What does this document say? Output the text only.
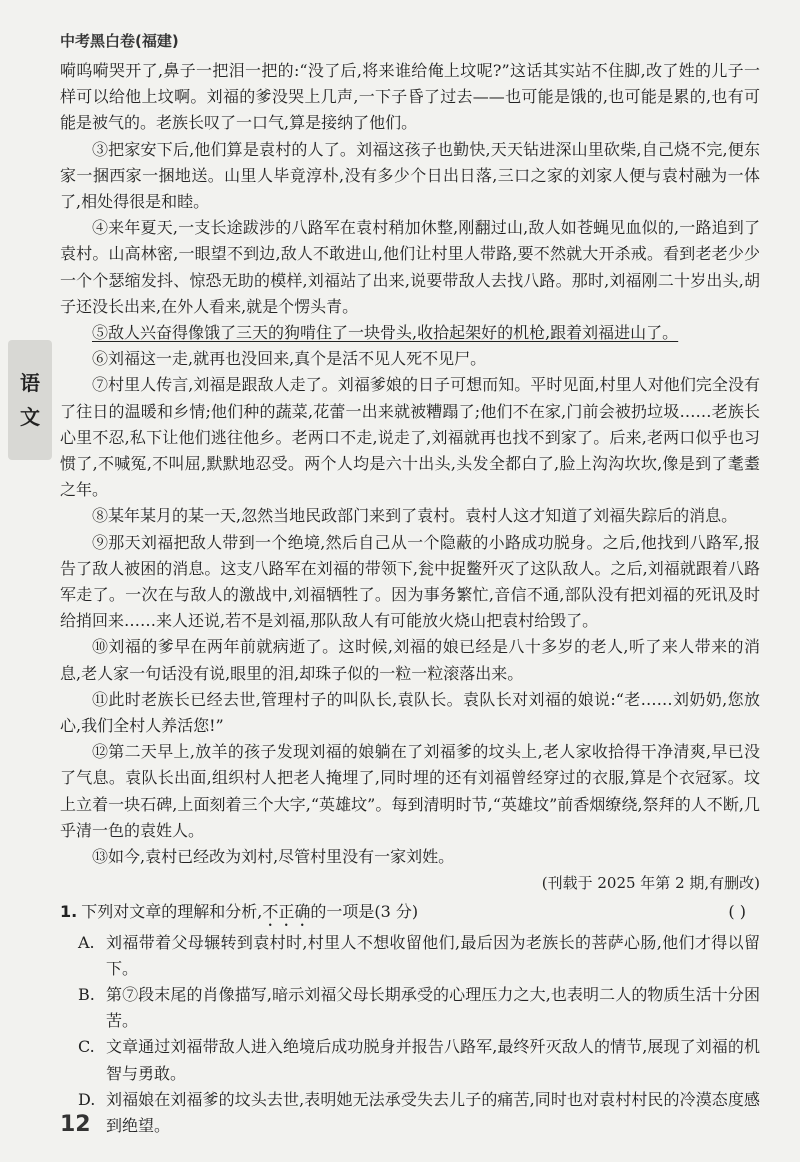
中考黑白卷(福建)
语
文

嗬呜嗬哭开了,鼻子一把泪一把的:“没了后,将来谁给俺上坟呢?”这话其实站不住脚,改了姓的儿子一样可以给他上坟啊。刘福的爹没哭上几声,一下子昏了过去——也可能是饿的,也可能是累的,也有可能是被气的。老族长叹了一口气,算是接纳了他们。

③把家安下后,他们算是袁村的人了。刘福这孩子也勤快,天天钻进深山里砍柴,自己烧不完,便东家一捆西家一捆地送。山里人毕竟淳朴,没有多少个日出日落,三口之家的刘家人便与袁村融为一体了,相处得很是和睦。

④来年夏天,一支长途跋涉的八路军在袁村稍加休整,刚翻过山,敌人如苍蝇见血似的,一路追到了袁村。山高林密,一眼望不到边,敌人不敢进山,他们让村里人带路,要不然就大开杀戒。看到老老少少一个个瑟缩发抖、惊恐无助的模样,刘福站了出来,说要带敌人去找八路。那时,刘福刚二十岁出头,胡子还没长出来,在外人看来,就是个愣头青。

⑤敌人兴奋得像饿了三天的狗啃住了一块骨头,收拾起架好的机枪,跟着刘福进山了。

⑥刘福这一走,就再也没回来,真个是活不见人死不见尸。

⑦村里人传言,刘福是跟敌人走了。刘福爹娘的日子可想而知。平时见面,村里人对他们完全没有了往日的温暖和乡情;他们种的蔬菜,花蕾一出来就被糟蹋了;他们不在家,门前会被扔垃圾……老族长心里不忍,私下让他们逃往他乡。老两口不走,说走了,刘福就再也找不到家了。后来,老两口似乎也习惯了,不喊冤,不叫屈,默默地忍受。两个人均是六十出头,头发全都白了,脸上沟沟坎坎,像是到了耄耋之年。

⑧某年某月的某一天,忽然当地民政部门来到了袁村。袁村人这才知道了刘福失踪后的消息。

⑨那天刘福把敌人带到一个绝境,然后自己从一个隐蔽的小路成功脱身。之后,他找到八路军,报告了敌人被困的消息。这支八路军在刘福的带领下,瓮中捉鳖歼灭了这队敌人。之后,刘福就跟着八路军走了。一次在与敌人的激战中,刘福牺牲了。因为事务繁忙,音信不通,部队没有把刘福的死讯及时给捎回来……来人还说,若不是刘福,那队敌人有可能放火烧山把袁村给毁了。

⑩刘福的爹早在两年前就病逝了。这时候,刘福的娘已经是八十多岁的老人,听了来人带来的消息,老人家一句话没有说,眼里的泪,却珠子似的一粒一粒滚落出来。

⑪此时老族长已经去世,管理村子的叫队长,袁队长。袁队长对刘福的娘说:“老……刘奶奶,您放心,我们全村人养活您!”

⑫第二天早上,放羊的孩子发现刘福的娘躺在了刘福爹的坟头上,老人家收拾得干净清爽,早已没了气息。袁队长出面,组织村人把老人掩埋了,同时埋的还有刘福曾经穿过的衣服,算是个衣冠冢。坟上立着一块石碑,上面刻着三个大字,“英雄坟”。每到清明时节,“英雄坟”前香烟缭绕,祭拜的人不断,几乎清一色的袁姓人。

⑬如今,袁村已经改为刘村,尽管村里没有一家刘姓。

(刊载于 2025 年第 2 期,有删改)

1. 下列对文章的理解和分析,不正确的一项是(3 分)	( )
A. 刘福带着父母辗转到袁村时,村里人不想收留他们,最后因为老族长的菩萨心肠,他们才得以留下。
B. 第⑦段末尾的肖像描写,暗示刘福父母长期承受的心理压力之大,也表明二人的物质生活十分困苦。
C. 文章通过刘福带敌人进入绝境后成功脱身并报告八路军,最终歼灭敌人的情节,展现了刘福的机智与勇敢。
D. 刘福娘在刘福爹的坟头去世,表明她无法承受失去儿子的痛苦,同时也对袁村村民的冷漠态度感到绝望。
12
